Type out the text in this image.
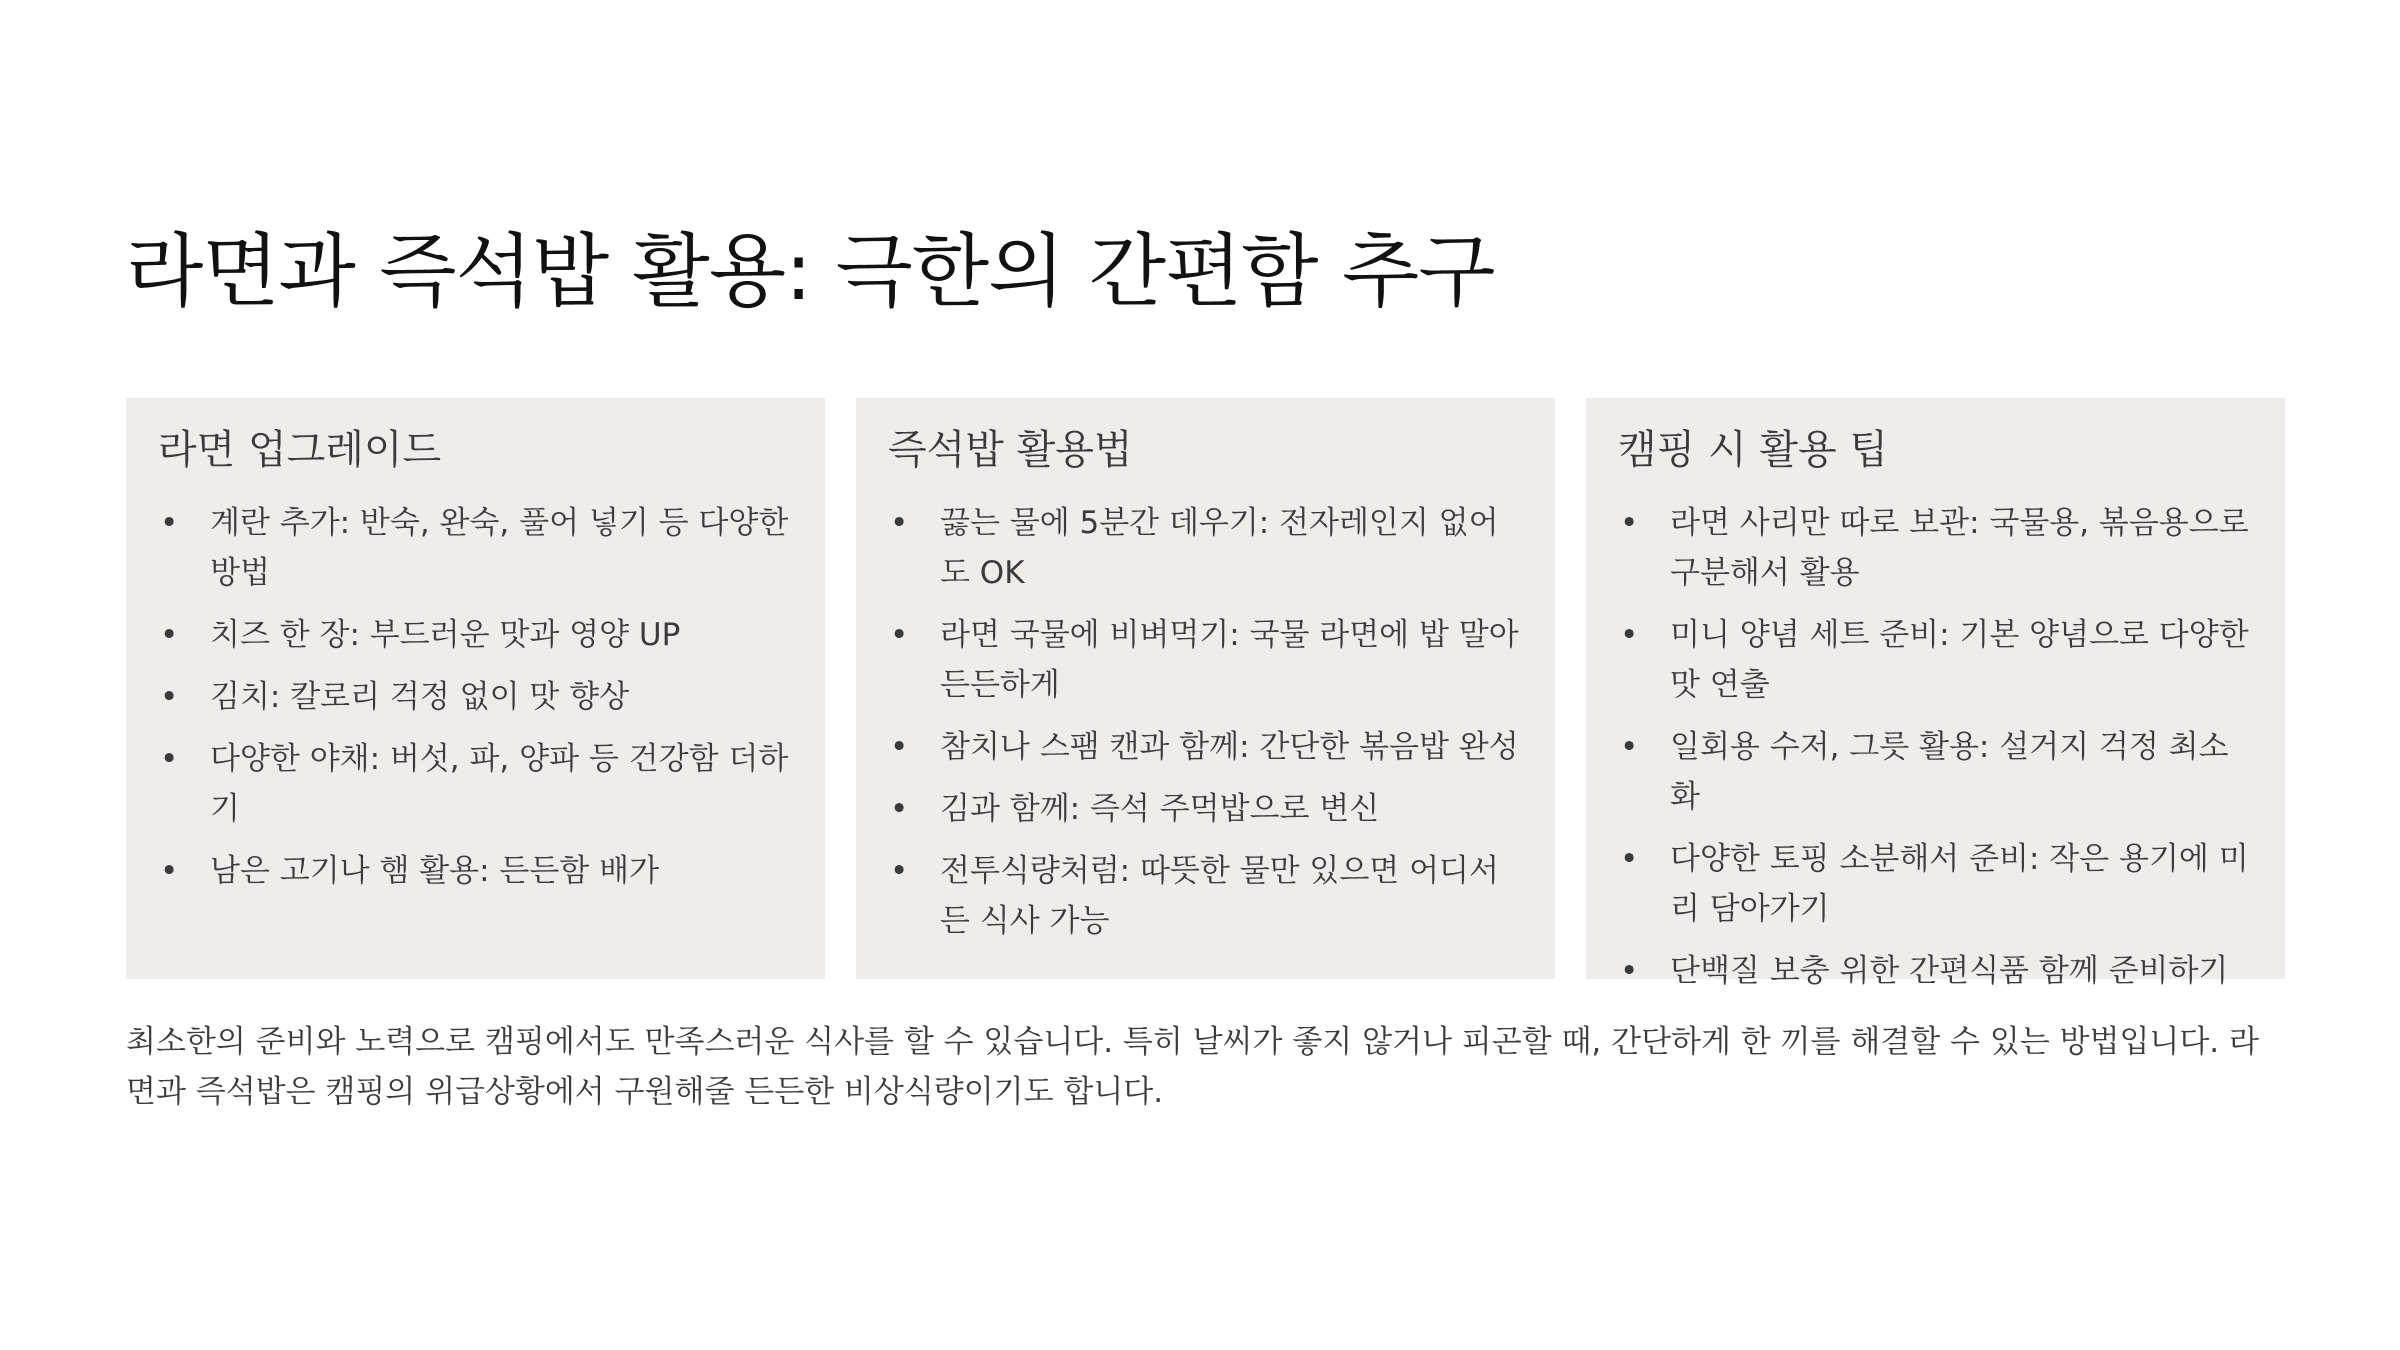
라면과 즉석밥 활용: 극한의 간편함 추구
라면 업그레이드
• 계란 추가: 반숙, 완숙, 풀어 넣기 등 다양한 방법
• 치즈 한 장: 부드러운 맛과 영양 UP
• 김치: 칼로리 걱정 없이 맛 향상
• 다양한 야채: 버섯, 파, 양파 등 건강함 더하기
• 남은 고기나 햄 활용: 든든함 배가
즉석밥 활용법
• 끓는 물에 5분간 데우기: 전자레인지 없어도 OK
• 라면 국물에 비벼먹기: 국물 라면에 밥 말아 든든하게
• 참치나 스팸 캔과 함께: 간단한 볶음밥 완성
• 김과 함께: 즉석 주먹밥으로 변신
• 전투식량처럼: 따뜻한 물만 있으면 어디서든 식사 가능
캠핑 시 활용 팁
• 라면 사리만 따로 보관: 국물용, 볶음용으로 구분해서 활용
• 미니 양념 세트 준비: 기본 양념으로 다양한 맛 연출
• 일회용 수저, 그릇 활용: 설거지 걱정 최소화
• 다양한 토핑 소분해서 준비: 작은 용기에 미리 담아가기
• 단백질 보충 위한 간편식품 함께 준비하기

최소한의 준비와 노력으로 캠핑에서도 만족스러운 식사를 할 수 있습니다. 특히 날씨가 좋지 않거나 피곤할 때, 간단하게 한 끼를 해결할 수 있는 방법입니다. 라면과 즉석밥은 캠핑의 위급상황에서 구원해줄 든든한 비상식량이기도 합니다.
